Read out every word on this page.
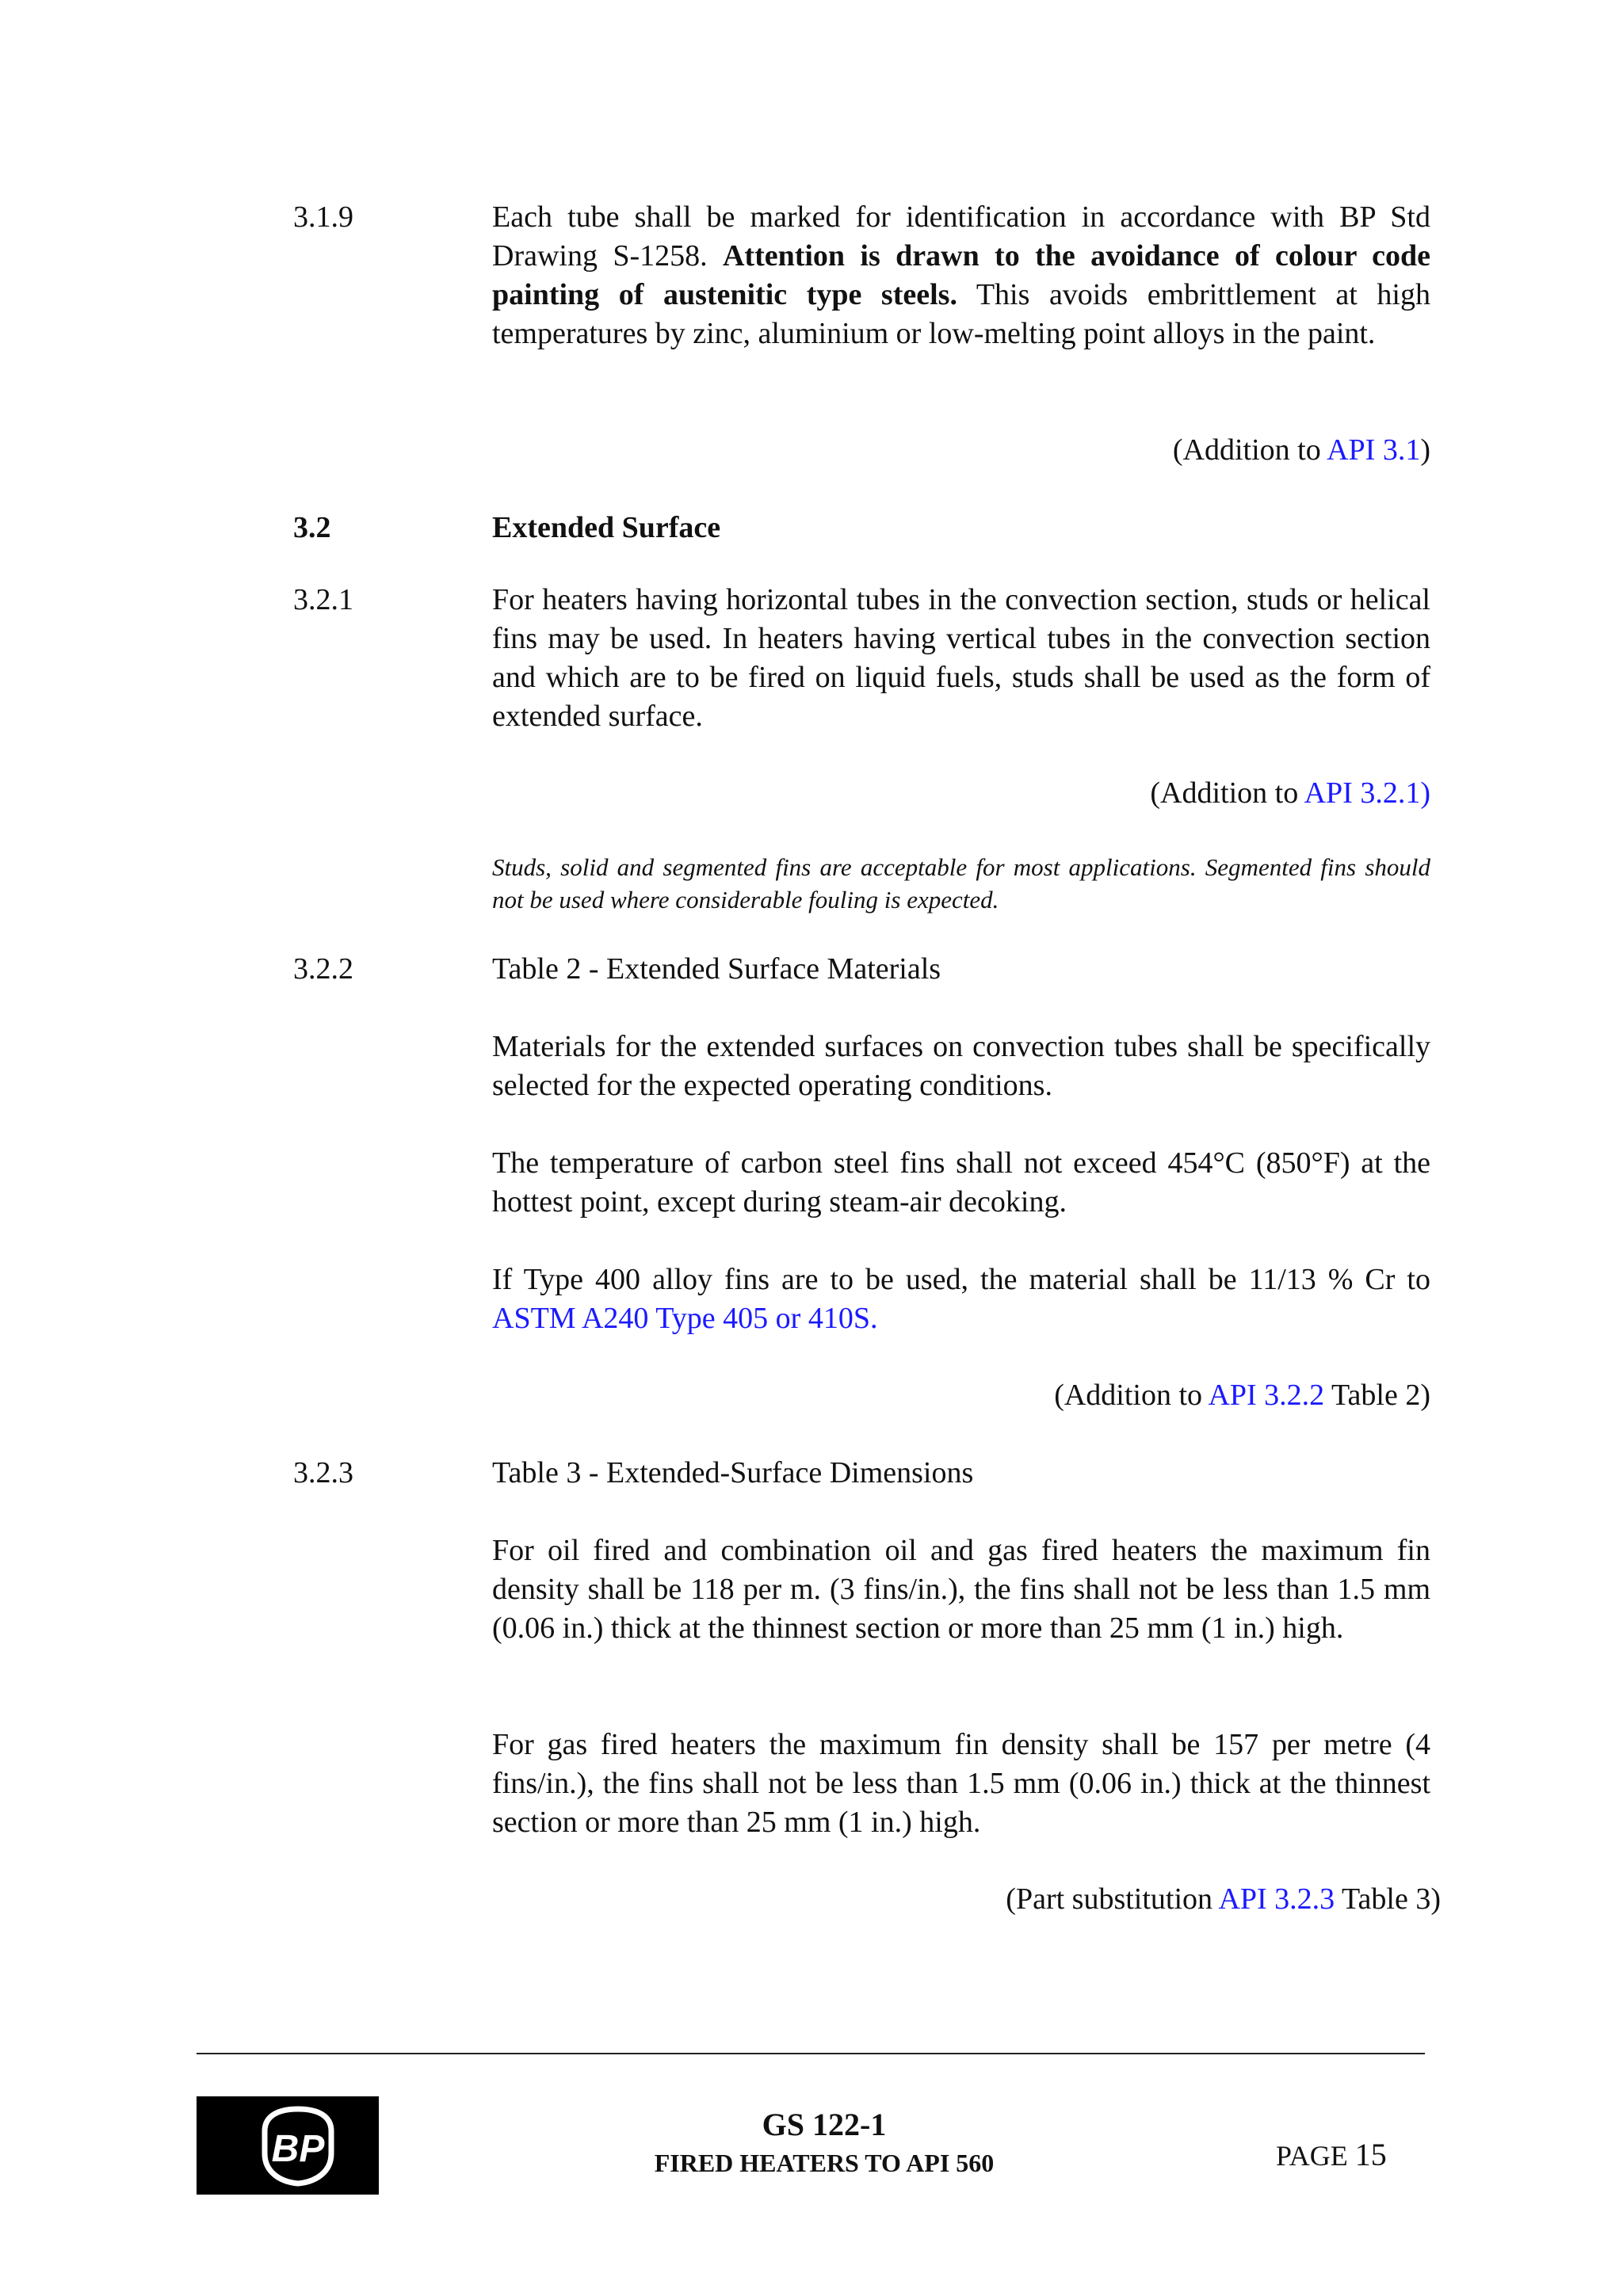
3.1.9	Each tube shall be marked for identification in accordance with BP Std Drawing S-1258. Attention is drawn to the avoidance of colour code painting of austenitic type steels. This avoids embrittlement at high temperatures by zinc, aluminium or low-melting point alloys in the paint.
(Addition to API 3.1)
3.2	Extended Surface
3.2.1	For heaters having horizontal tubes in the convection section, studs or helical fins may be used. In heaters having vertical tubes in the convection section and which are to be fired on liquid fuels, studs shall be used as the form of extended surface.
(Addition to API 3.2.1)
Studs, solid and segmented fins are acceptable for most applications. Segmented fins should not be used where considerable fouling is expected.
3.2.2	Table 2 - Extended Surface Materials
Materials for the extended surfaces on convection tubes shall be specifically selected for the expected operating conditions.
The temperature of carbon steel fins shall not exceed 454°C (850°F) at the hottest point, except during steam-air decoking.
If Type 400 alloy fins are to be used, the material shall be 11/13 % Cr to ASTM A240 Type 405 or 410S.
(Addition to API 3.2.2 Table 2)
3.2.3	Table 3 - Extended-Surface Dimensions
For oil fired and combination oil and gas fired heaters the maximum fin density shall be 118 per m. (3 fins/in.), the fins shall not be less than 1.5 mm (0.06 in.) thick at the thinnest section or more than 25 mm (1 in.) high.
For gas fired heaters the maximum fin density shall be 157 per metre (4 fins/in.), the fins shall not be less than 1.5 mm (0.06 in.) thick at the thinnest section or more than 25 mm (1 in.) high.
(Part substitution API 3.2.3 Table 3)
BP
GS 122-1
FIRED HEATERS TO API 560	PAGE 15
